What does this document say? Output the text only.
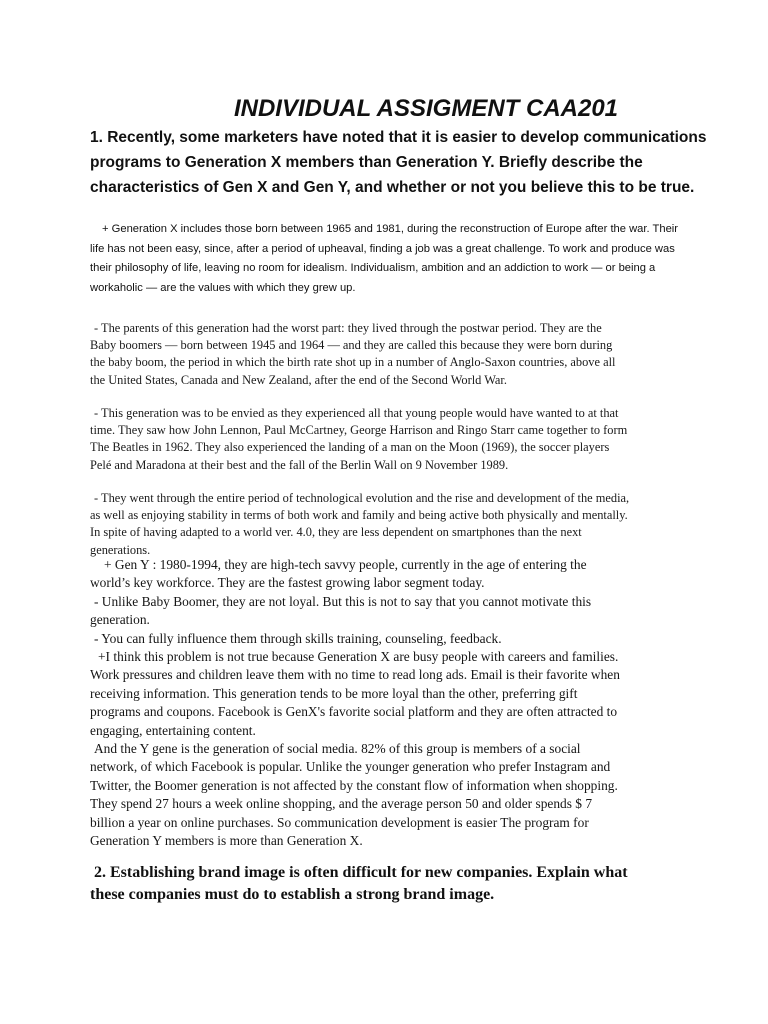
INDIVIDUAL ASSIGMENT CAA201

1. Recently, some marketers have noted that it is easier to develop communications programs to Generation X members than Generation Y. Briefly describe the characteristics of Gen X and Gen Y, and whether or not you believe this to be true.

+ Generation X includes those born between 1965 and 1981, during the reconstruction of Europe after the war. Their life has not been easy, since, after a period of upheaval, finding a job was a great challenge. To work and produce was their philosophy of life, leaving no room for idealism. Individualism, ambition and an addiction to work — or being a workaholic — are the values with which they grew up.

- The parents of this generation had the worst part: they lived through the postwar period. They are the Baby boomers — born between 1945 and 1964 — and they are called this because they were born during the baby boom, the period in which the birth rate shot up in a number of Anglo-Saxon countries, above all the United States, Canada and New Zealand, after the end of the Second World War.

- This generation was to be envied as they experienced all that young people would have wanted to at that time. They saw how John Lennon, Paul McCartney, George Harrison and Ringo Starr came together to form The Beatles in 1962. They also experienced the landing of a man on the Moon (1969), the soccer players Pelé and Maradona at their best and the fall of the Berlin Wall on 9 November 1989.

- They went through the entire period of technological evolution and the rise and development of the media, as well as enjoying stability in terms of both work and family and being active both physically and mentally. In spite of having adapted to a world ver. 4.0, they are less dependent on smartphones than the next generations.

+ Gen Y : 1980-1994, they are high-tech savvy people, currently in the age of entering the world’s key workforce. They are the fastest growing labor segment today.

- Unlike Baby Boomer, they are not loyal. But this is not to say that you cannot motivate this generation.

- You can fully influence them through skills training, counseling, feedback.

+I think this problem is not true because Generation X are busy people with careers and families. Work pressures and children leave them with no time to read long ads. Email is their favorite when receiving information. This generation tends to be more loyal than the other, preferring gift programs and coupons. Facebook is GenX's favorite social platform and they are often attracted to engaging, entertaining content.

And the Y gene is the generation of social media. 82% of this group is members of a social network, of which Facebook is popular. Unlike the younger generation who prefer Instagram and Twitter, the Boomer generation is not affected by the constant flow of information when shopping. They spend 27 hours a week online shopping, and the average person 50 and older spends $ 7 billion a year on online purchases. So communication development is easier The program for Generation Y members is more than Generation X.

2. Establishing brand image is often difficult for new companies. Explain what these companies must do to establish a strong brand image.
